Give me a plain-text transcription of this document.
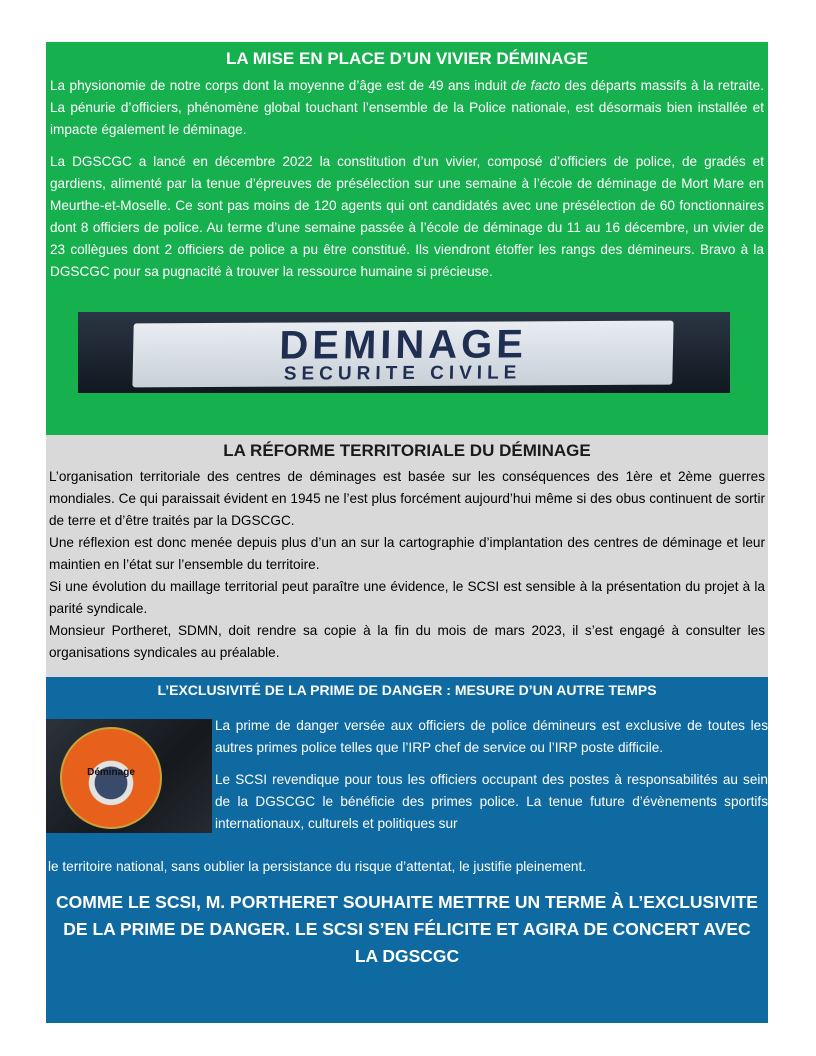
LA MISE EN PLACE D’UN VIVIER DÉMINAGE

La physionomie de notre corps dont la moyenne d’âge est de 49 ans induit de facto des départs massifs à la retraite. La pénurie d’officiers, phénomène global touchant l’ensemble de la Police nationale, est désormais bien installée et impacte également le déminage.

La DGSCGC a lancé en décembre 2022 la constitution d’un vivier, composé d’officiers de police, de gradés et gardiens, alimenté par la tenue d’épreuves de présélection sur une semaine à l’école de déminage de Mort Mare en Meurthe-et-Moselle. Ce sont pas moins de 120 agents qui ont candidatés avec une présélection de 60 fonctionnaires dont 8 officiers de police. Au terme d’une semaine passée à l’école de déminage du 11 au 16 décembre, un vivier de 23 collègues dont 2 officiers de police a pu être constitué. Ils viendront étoffer les rangs des démineurs. Bravo à la DGSCGC pour sa pugnacité à trouver la ressource humaine si précieuse.

DEMINAGE
SECURITE CIVILE
LA RÉFORME TERRITORIALE DU DÉMINAGE

L’organisation territoriale des centres de déminages est basée sur les conséquences des 1ère et 2ème guerres mondiales. Ce qui paraissait évident en 1945 ne l’est plus forcément aujourd’hui même si des obus continuent de sortir de terre et d’être traités par la DGSCGC.

Une réflexion est donc menée depuis plus d’un an sur la cartographie d’implantation des centres de déminage et leur maintien en l’état sur l’ensemble du territoire.

Si une évolution du maillage territorial peut paraître une évidence, le SCSI est sensible à la présentation du projet à la parité syndicale.

Monsieur Portheret, SDMN, doit rendre sa copie à la fin du mois de mars 2023, il s’est engagé à consulter les organisations syndicales au préalable.

L’EXCLUSIVITÉ DE LA PRIME DE DANGER : MESURE D’UN AUTRE TEMPS
Déminage

La prime de danger versée aux officiers de police démineurs est exclusive de toutes les autres primes police telles que l’IRP chef de service ou l’IRP poste difficile.

Le SCSI revendique pour tous les officiers occupant des postes à responsabilités au sein de la DGSCGC le bénéficie des primes police. La tenue future d’évènements sportifs internationaux, culturels et politiques sur

le territoire national, sans oublier la persistance du risque d’attentat, le justifie pleinement.

COMME LE SCSI, M. PORTHERET SOUHAITE METTRE UN TERME À L’EXCLUSIVITE DE LA PRIME DE DANGER. LE SCSI S’EN FÉLICITE ET AGIRA DE CONCERT AVEC LA DGSCGC
